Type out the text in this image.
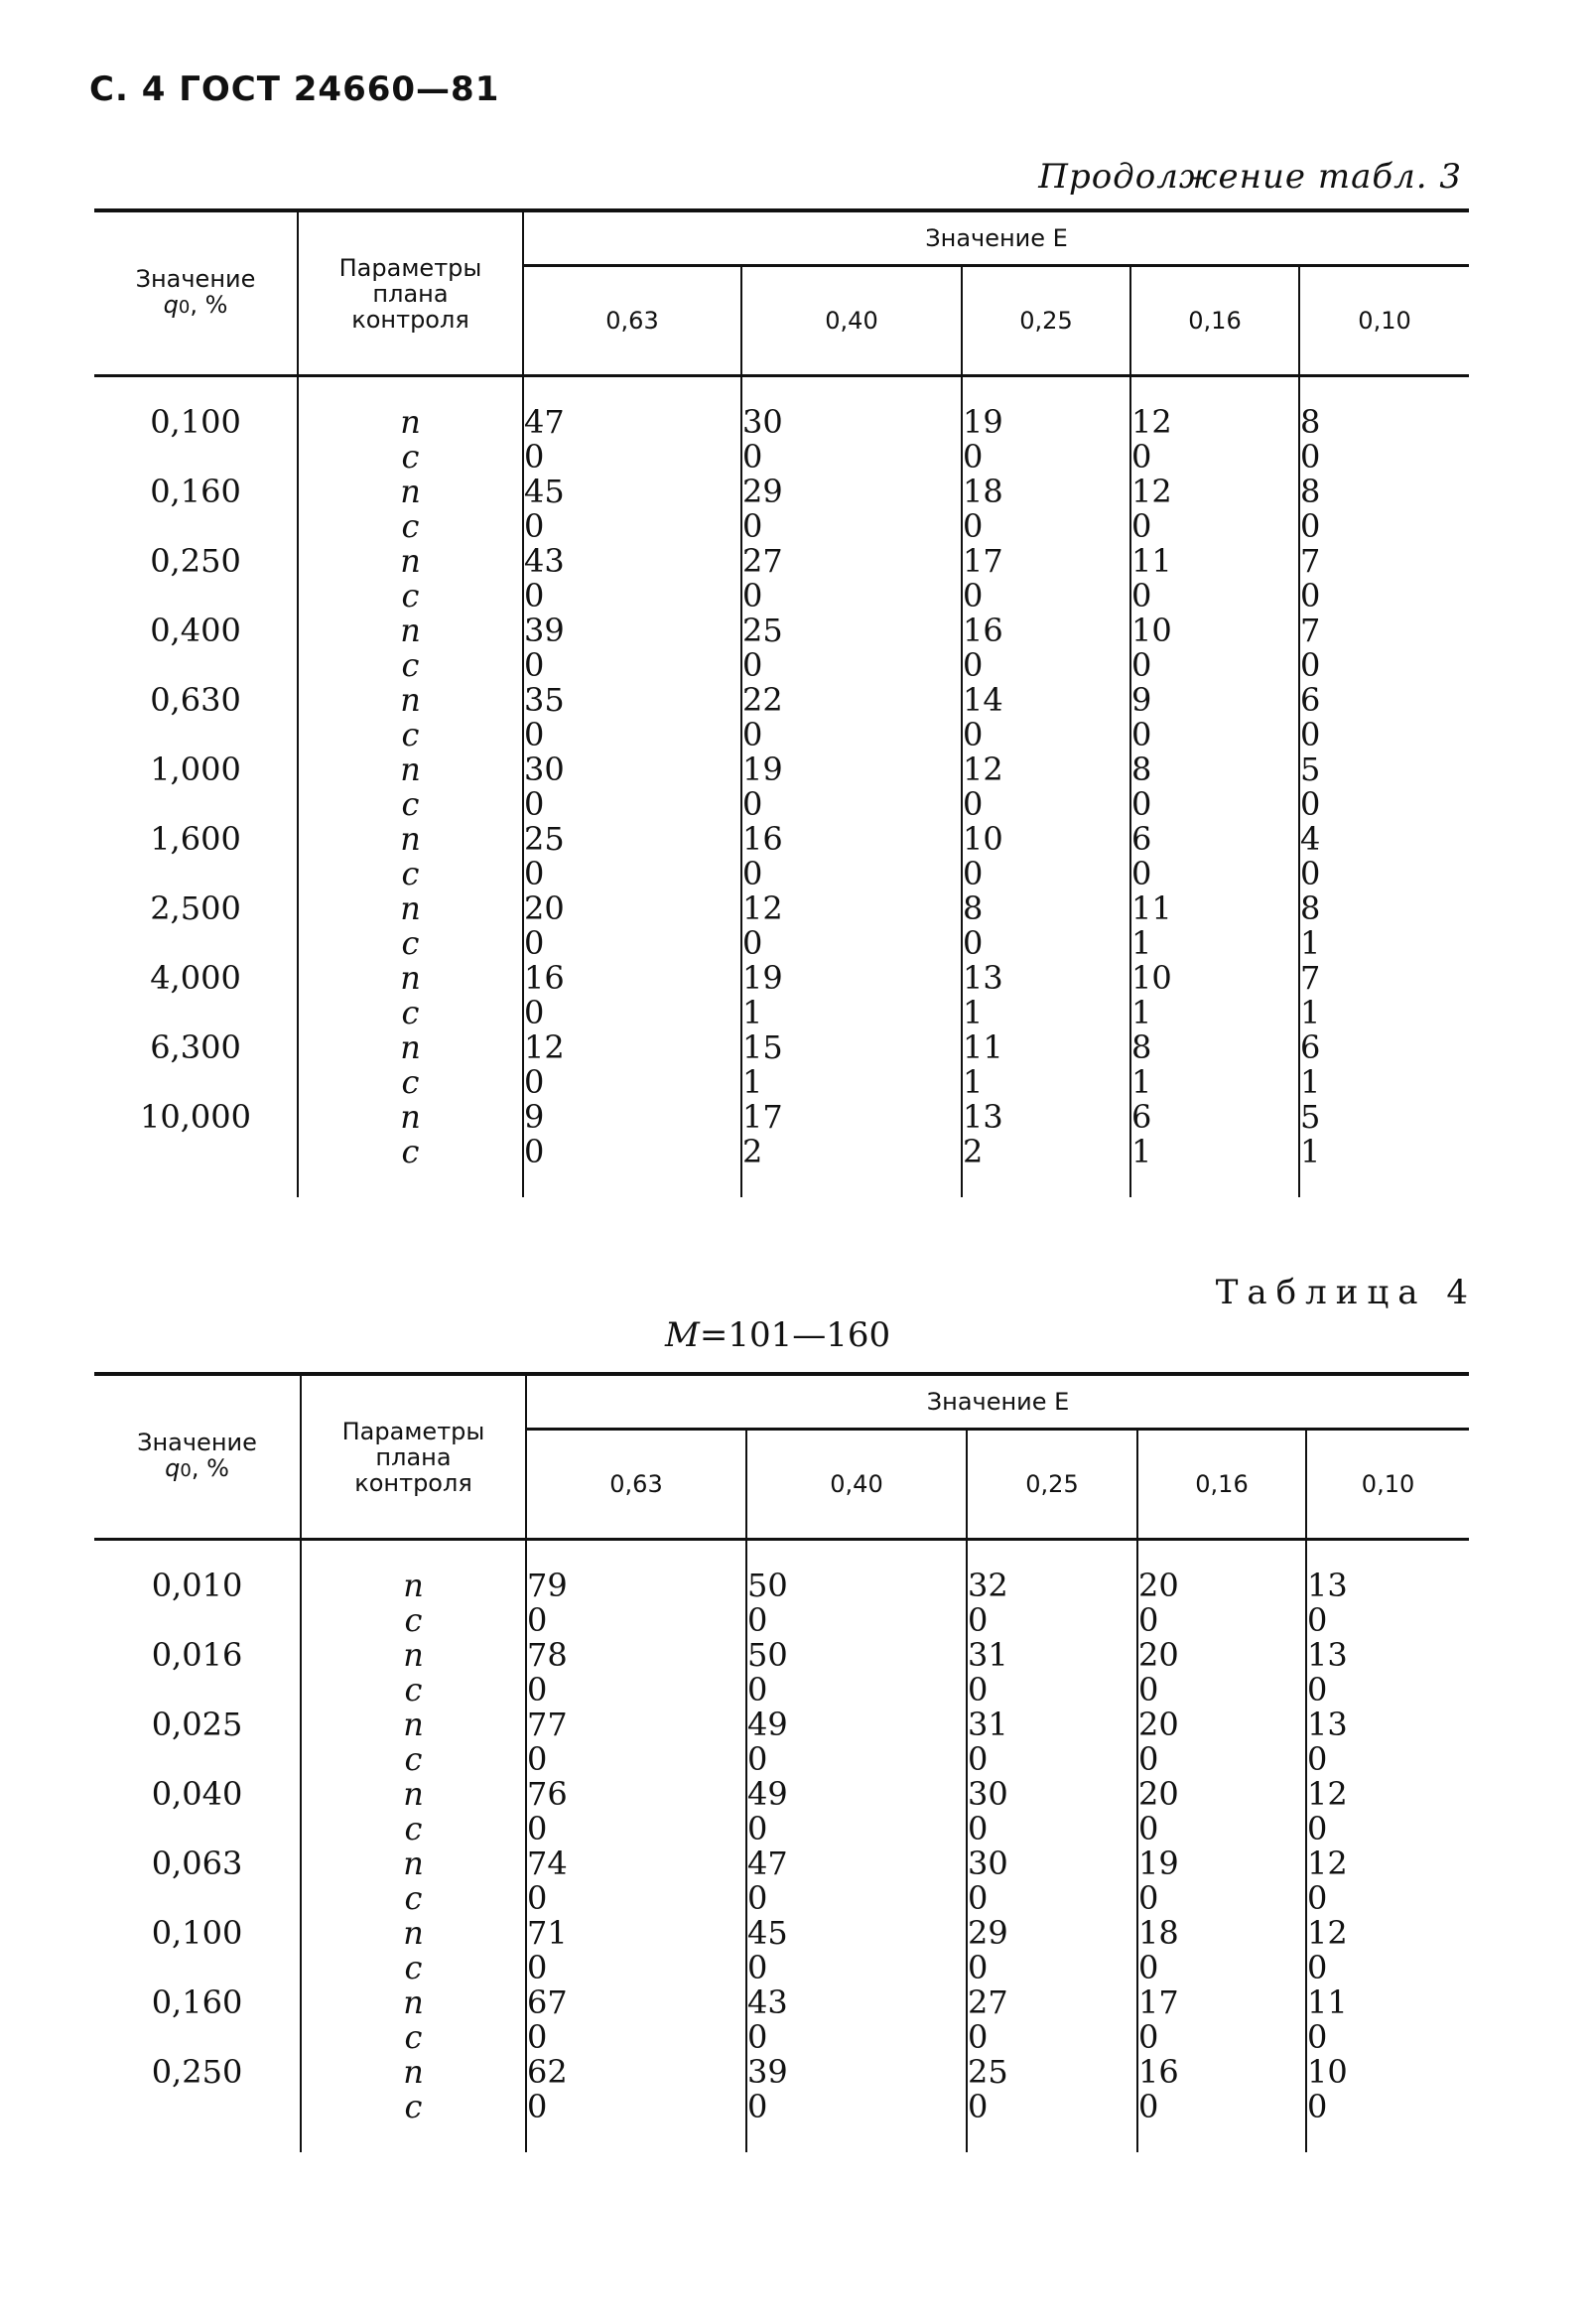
С. 4 ГОСТ 24660—81
Продолжение табл. 3
Значение
q0, %	Параметры
плана
контроля	Значение E				
		0,63	0,40	0,25	0,16	0,10

0,100	n	47	30	19	12	8
	c	0	0	0	0	0
0,160	n	45	29	18	12	8
	c	0	0	0	0	0
0,250	n	43	27	17	11	7
	c	0	0	0	0	0
0,400	n	39	25	16	10	7
	c	0	0	0	0	0
0,630	n	35	22	14	9	6
	c	0	0	0	0	0
1,000	n	30	19	12	8	5
	c	0	0	0	0	0
1,600	n	25	16	10	6	4
	c	0	0	0	0	0
2,500	n	20	12	8	11	8
	c	0	0	0	1	1
4,000	n	16	19	13	10	7
	c	0	1	1	1	1
6,300	n	12	15	11	8	6
	c	0	1	1	1	1
10,000	n	9	17	13	6	5
	c	0	2	2	1	1

Таблица 4
M=101—160
Значение
q0, %	Параметры
плана
контроля	Значение E				
		0,63	0,40	0,25	0,16	0,10

0,010	n	79	50	32	20	13
	c	0	0	0	0	0
0,016	n	78	50	31	20	13
	c	0	0	0	0	0
0,025	n	77	49	31	20	13
	c	0	0	0	0	0
0,040	n	76	49	30	20	12
	c	0	0	0	0	0
0,063	n	74	47	30	19	12
	c	0	0	0	0	0
0,100	n	71	45	29	18	12
	c	0	0	0	0	0
0,160	n	67	43	27	17	11
	c	0	0	0	0	0
0,250	n	62	39	25	16	10
	c	0	0	0	0	0
